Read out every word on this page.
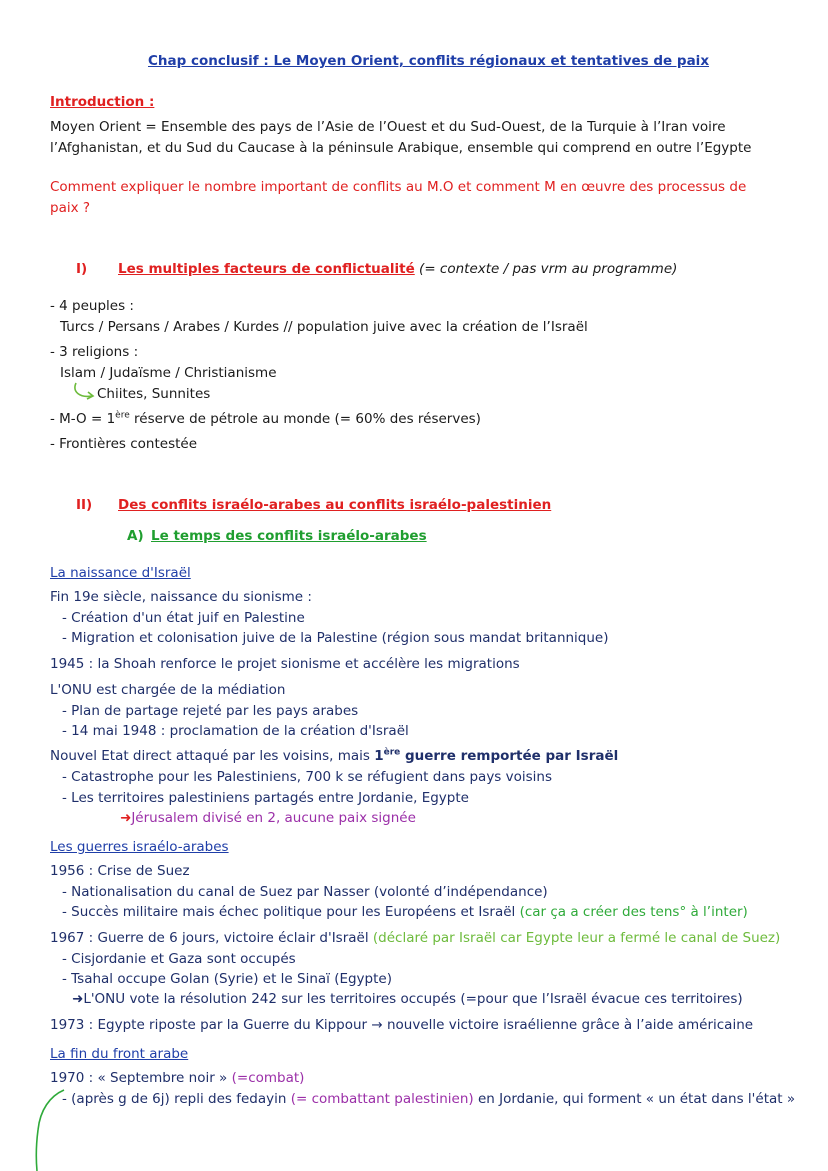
Chap conclusif : Le Moyen Orient, conflits régionaux et tentatives de paix
Introduction :
Moyen Orient = Ensemble des pays de l’Asie de l’Ouest et du Sud-Ouest, de la Turquie à l’Iran voire
l’Afghanistan, et du Sud du Caucase à la péninsule Arabique, ensemble qui comprend en outre l’Egypte
Comment expliquer le nombre important de conflits au M.O et comment M en œuvre des processus de
paix ?
I) Les multiples facteurs de conflictualité (= contexte / pas vrm au programme)
- 4 peuples :
Turcs / Persans / Arabes / Kurdes // population juive avec la création de l’Israël
- 3 religions :
Islam / Judaïsme / Christianisme
Chiites, Sunnites
- M-O = 1ère réserve de pétrole au monde (= 60% des réserves)
- Frontières contestée
II) Des conflits israélo-arabes au conflits israélo-palestinien
A) Le temps des conflits israélo-arabes
La naissance d'Israël
Fin 19e siècle, naissance du sionisme :
- Création d'un état juif en Palestine
- Migration et colonisation juive de la Palestine (région sous mandat britannique)
1945 : la Shoah renforce le projet sionisme et accélère les migrations
L'ONU est chargée de la médiation
- Plan de partage rejeté par les pays arabes
- 14 mai 1948 : proclamation de la création d'Israël
Nouvel Etat direct attaqué par les voisins, mais 1ère guerre remportée par Israël
- Catastrophe pour les Palestiniens, 700 k se réfugient dans pays voisins
- Les territoires palestiniens partagés entre Jordanie, Egypte
➜Jérusalem divisé en 2, aucune paix signée
Les guerres israélo-arabes
1956 : Crise de Suez
- Nationalisation du canal de Suez par Nasser (volonté d’indépendance)
- Succès militaire mais échec politique pour les Européens et Israël (car ça a créer des tens° à l’inter)
1967 : Guerre de 6 jours, victoire éclair d'Israël (déclaré par Israël car Egypte leur a fermé le canal de Suez)
- Cisjordanie et Gaza sont occupés
- Tsahal occupe Golan (Syrie) et le Sinaï (Egypte)
➜L'ONU vote la résolution 242 sur les territoires occupés (=pour que l’Israël évacue ces territoires)
1973 : Egypte riposte par la Guerre du Kippour → nouvelle victoire israélienne grâce à l’aide américaine
La fin du front arabe
1970 : « Septembre noir » (=combat)
- (après g de 6j) repli des fedayin (= combattant palestinien) en Jordanie, qui forment « un état dans l'état »
